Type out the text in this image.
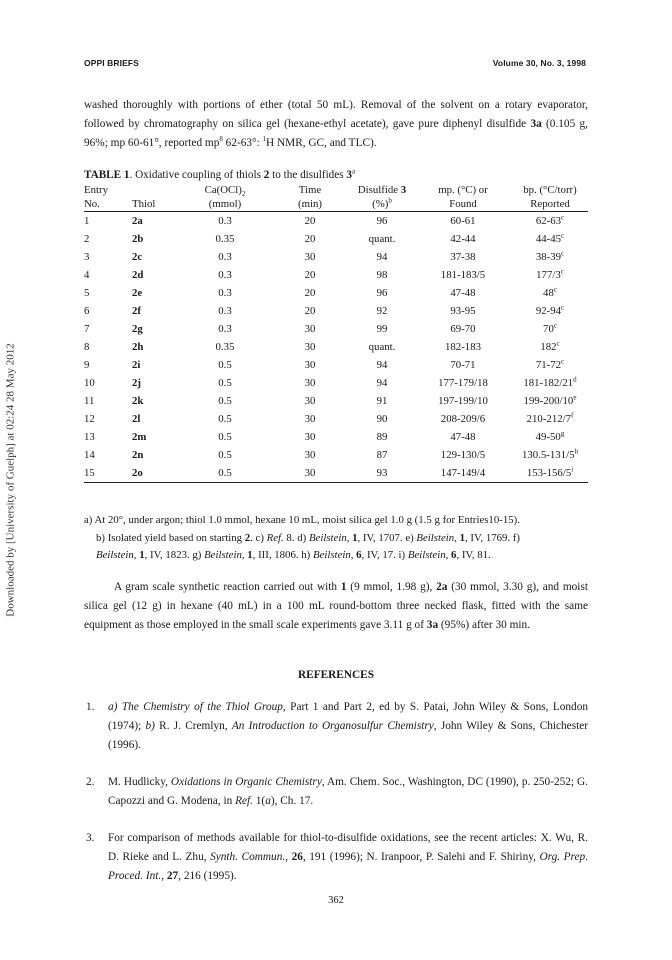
Downloaded by [University of Guelph] at 02:24 28 May 2012
OPPI BRIEFS	Volume 30, No. 3, 1998
washed thoroughly with portions of ether (total 50 mL). Removal of the solvent on a rotary evaporator, followed by chromatography on silica gel (hexane-ethyl acetate), gave pure diphenyl disulfide 3a (0.105 g, 96%; mp 60-61°, reported $mp^8$ 62-63°: $^1$H NMR, GC, and TLC).
TABLE 1. Oxidative coupling of thiols 2 to the disulfides 3$^a$
Entry		$Ca(OCl)_2$	Time	Disulfide 3	mp. (°C) or	bp. (°C/torr)
No.	Thiol	(mmol)	(min)	(%)$^b$	Found	Reported
1	2a	0.3	20	96	60-61	62-63$^c$
2	2b	0.35	20	quant.	42-44	44-45$^c$
3	2c	0.3	30	94	37-38	38-39$^c$
4	2d	0.3	20	98	181-183/5	177/3$^c$
5	2e	0.3	20	96	47-48	48$^c$
6	2f	0.3	20	92	93-95	92-94$^c$
7	2g	0.3	30	99	69-70	70$^c$
8	2h	0.35	30	quant.	182-183	182$^c$
9	2i	0.5	30	94	70-71	71-72$^c$
10	2j	0.5	30	94	177-179/18	181-182/21$^d$
11	2k	0.5	30	91	197-199/10	199-200/10e
12	2l	0.5	30	90	208-209/6	210-212/7$^f$
13	2m	0.5	30	89	47-48	49-50$^g$
14	2n	0.5	30	87	129-130/5	130.5-131/5$^h$
15	2o	0.5	30	93	147-149/4	153-156/5$^i$
a) At 20°, under argon; thiol 1.0 mmol, hexane 10 mL, moist silica gel 1.0 g (1.5 g for Entries10-15).
b) Isolated yield based on starting 2. c) Ref. 8. d) Beilstein, 1, IV, 1707. e) Beilstein, 1, IV, 1769. f)
Beilstein, 1, IV, 1823. g) Beilstein, 1, III, 1806. h) Beilstein, 6, IV, 17. i) Beilstein, 6, IV, 81.
A gram scale synthetic reaction carried out with 1 (9 mmol, 1.98 g), 2a (30 mmol, 3.30 g), and moist silica gel (12 g) in hexane (40 mL) in a 100 mL round-bottom three necked flask, fitted with the same equipment as those employed in the small scale experiments gave 3.11 g of 3a (95%) after 30 min.
REFERENCES
1. a) The Chemistry of the Thiol Group, Part 1 and Part 2, ed by S. Patai, John Wiley & Sons, London (1974); b) R. J. Cremlyn, An Introduction to Organosulfur Chemistry, John Wiley & Sons, Chichester (1996).
2. M. Hudlicky, Oxidations in Organic Chemistry, Am. Chem. Soc., Washington, DC (1990), p. 250-252; G. Capozzi and G. Modena, in Ref. 1(a), Ch. 17.
3. For comparison of methods available for thiol-to-disulfide oxidations, see the recent articles: X. Wu, R. D. Rieke and L. Zhu, Synth. Commun., 26, 191 (1996); N. Iranpoor, P. Salehi and F. Shiriny, Org. Prep. Proced. Int., 27, 216 (1995).
362
